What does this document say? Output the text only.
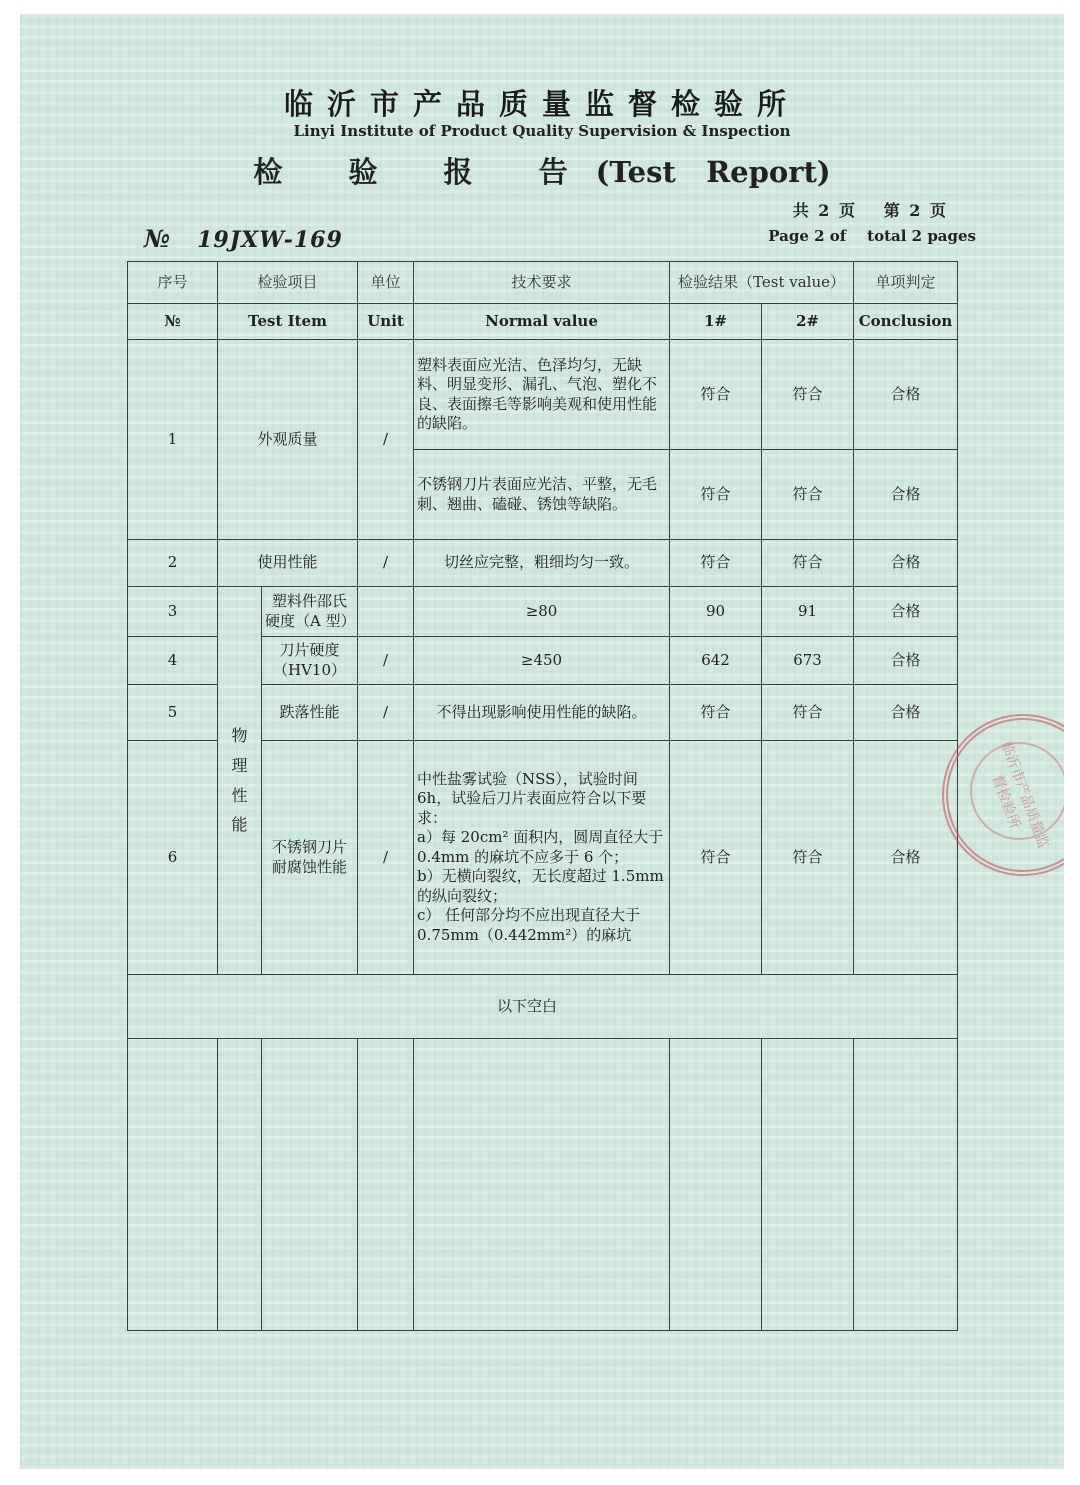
临沂市产品质量监督检验所
Linyi Institute of Product Quality Supervision & Inspection
检 验 报 告(Test   Report)
共 2 页   第 2 页
Page 2 of    total 2 pages
№ 19JXW-169
序号	检验项目		单位	技术要求	检验结果（Test value）		单项判定
№	Test Item		Unit	Normal value	1#	2#	Conclusion
1	外观质量		/	塑料表面应光洁、色泽均匀，无缺料、明显变形、漏孔、气泡、塑化不良、表面擦毛等影响美观和使用性能的缺陷。	符合	符合	合格
				不锈钢刀片表面应光洁、平整，无毛刺、翘曲、磕碰、锈蚀等缺陷。	符合	符合	合格
2	使用性能		/	切丝应完整，粗细均匀一致。	符合	符合	合格
3	物理性能	塑料件邵氏硬度（A 型）		≥80	90	91	合格
4		刀片硬度（HV10）	/	≥450	642	673	合格
5		跌落性能	/	不得出现影响使用性能的缺陷。	符合	符合	合格
6		不锈钢刀片耐腐蚀性能	/	中性盐雾试验（NSS），试验时间 6h，试验后刀片表面应符合以下要求：
a）每 20cm² 面积内，圆周直径大于 0.4mm 的麻坑不应多于 6 个；
b）无横向裂纹，无长度超过 1.5mm 的纵向裂纹；
c） 任何部分均不应出现直径大于 0.75mm（0.442mm²）的麻坑	符合	符合	合格
以下空白							

临沂市产品质量监督检验所
